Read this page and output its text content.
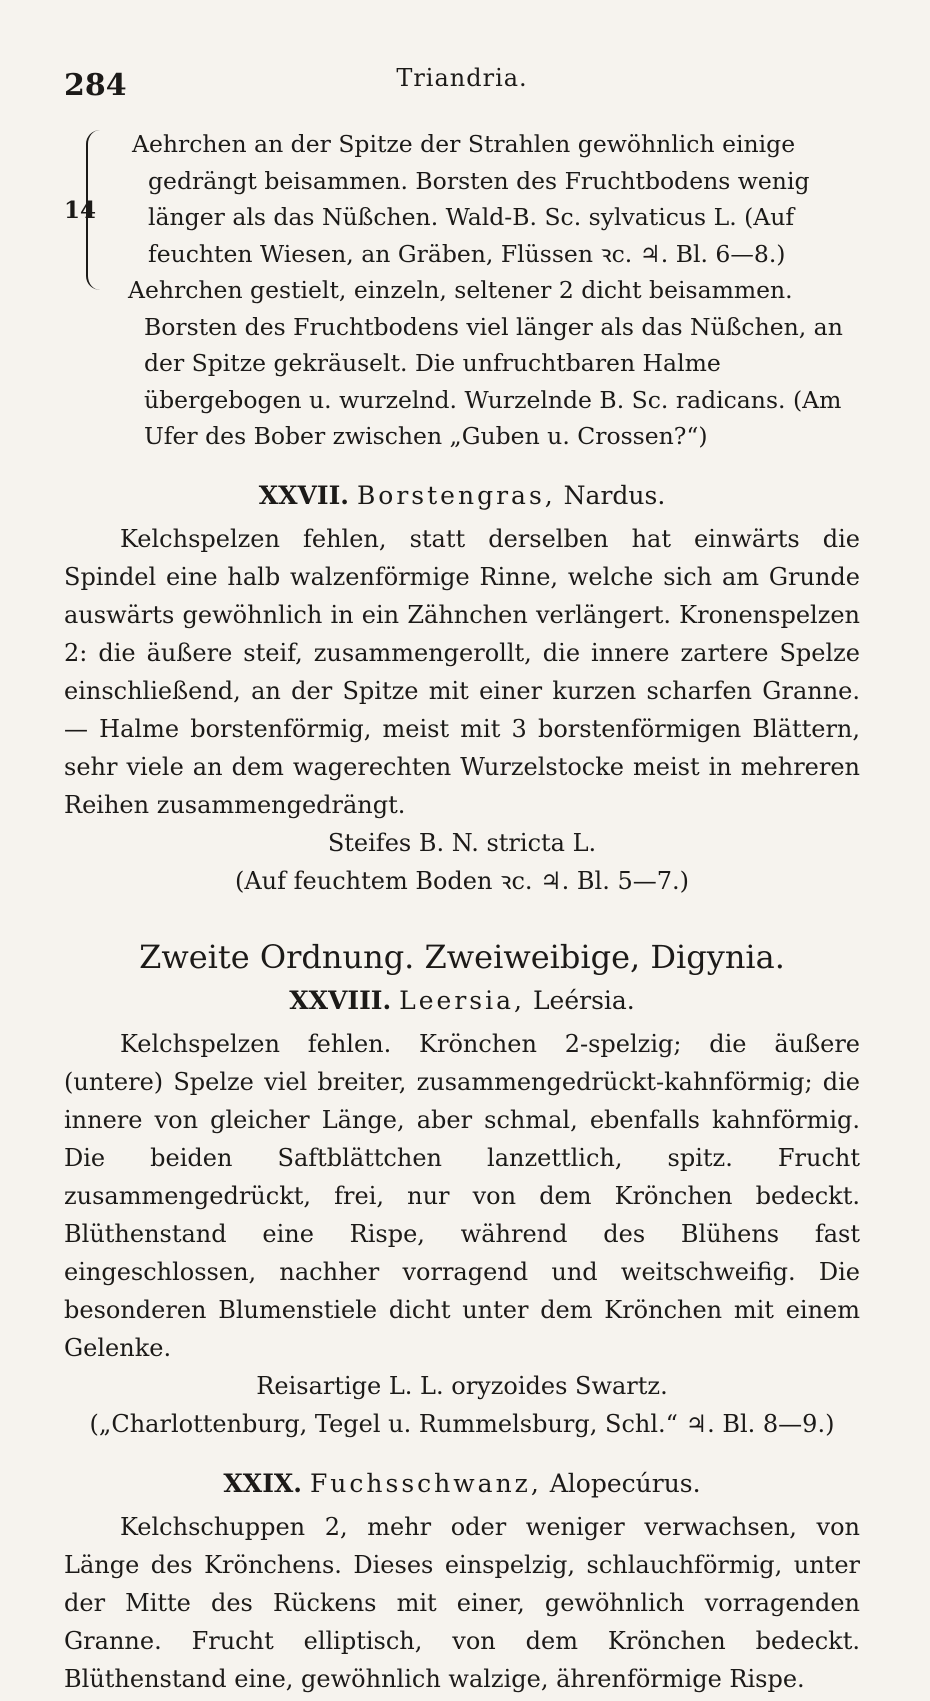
284	Triandria.
14

Aehrchen an der Spitze der Strahlen gewöhnlich einige gedrängt beisammen. Borsten des Fruchtbodens wenig länger als das Nüßchen. Wald-B. Sc. sylvaticus L. (Auf feuchten Wiesen, an Gräben, Flüssen ꝛc. ♃. Bl. 6—8.)

Aehrchen gestielt, einzeln, seltener 2 dicht beisammen. Borsten des Fruchtbodens viel länger als das Nüßchen, an der Spitze gekräuselt. Die unfruchtbaren Halme übergebogen u. wurzelnd. Wurzelnde B. Sc. radicans. (Am Ufer des Bober zwischen „Guben u. Crossen?“)

XXVII. Borstengras, Nardus.

Kelchspelzen fehlen, statt derselben hat einwärts die Spindel eine halb walzenförmige Rinne, welche sich am Grunde auswärts gewöhnlich in ein Zähnchen verlängert. Kronenspelzen 2: die äußere steif, zusammengerollt, die innere zartere Spelze einschließend, an der Spitze mit einer kurzen scharfen Granne. — Halme borstenförmig, meist mit 3 borstenförmigen Blättern, sehr viele an dem wagerechten Wurzelstocke meist in mehreren Reihen zusammengedrängt.

Steifes B. N. stricta L.

(Auf feuchtem Boden ꝛc. ♃. Bl. 5—7.)

Zweite Ordnung. Zweiweibige, Digynia.
XXVIII. Leersia, Leérsia.

Kelchspelzen fehlen. Krönchen 2-spelzig; die äußere (untere) Spelze viel breiter, zusammengedrückt-kahnförmig; die innere von gleicher Länge, aber schmal, ebenfalls kahnförmig. Die beiden Saftblättchen lanzettlich, spitz. Frucht zusammengedrückt, frei, nur von dem Krönchen bedeckt. Blüthenstand eine Rispe, während des Blühens fast eingeschlossen, nachher vorragend und weitschweifig. Die besonderen Blumenstiele dicht unter dem Krönchen mit einem Gelenke.

Reisartige L. L. oryzoides Swartz.

(„Charlottenburg, Tegel u. Rummelsburg, Schl.“ ♃. Bl. 8—9.)

XXIX. Fuchsschwanz, Alopecúrus.

Kelchschuppen 2, mehr oder weniger verwachsen, von Länge des Krönchens. Dieses einspelzig, schlauchförmig, unter der Mitte des Rückens mit einer, gewöhnlich vorragenden Granne. Frucht elliptisch, von dem Krönchen bedeckt. Blüthenstand eine, gewöhnlich walzige, ährenförmige Rispe.
